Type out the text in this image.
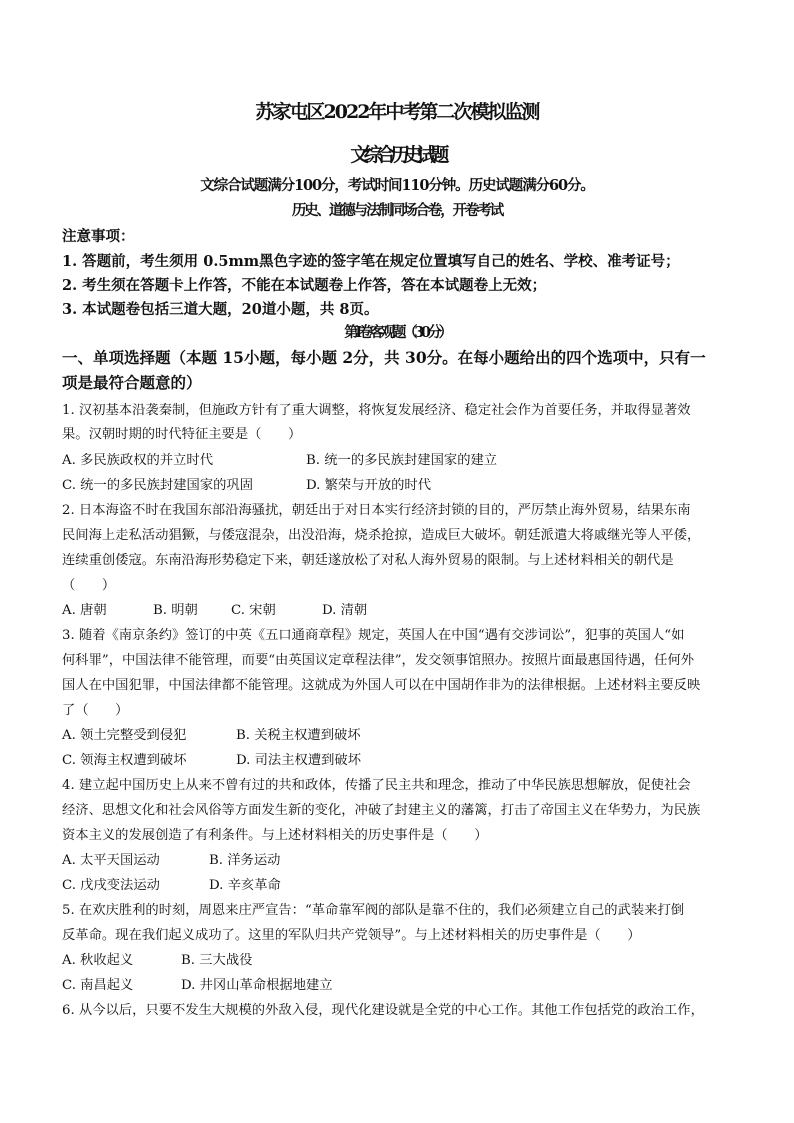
苏家屯区2022年中考第二次模拟监测
文综合历史试题
文综合试题满分100分，考试时间110分钟。历史试题满分60分。
历史、道德与法制同场合卷，开卷考试
注意事项：
1. 答题前，考生须用 0.5mm黑色字迹的签字笔在规定位置填写自己的姓名、学校、准考证号；
2. 考生须在答题卡上作答，不能在本试题卷上作答，答在本试题卷上无效；
3. 本试题卷包括三道大题，20道小题，共 8页。
第Ⅰ卷客观题（30分）
一、单项选择题（本题 15小题，每小题 2分，共 30分。在每小题给出的四个选项中，只有一
项是最符合题意的）
1. 汉初基本沿袭秦制，但施政方针有了重大调整，将恢复发展经济、稳定社会作为首要任务，并取得显著效
果。汉朝时期的时代特征主要是（　　）
A. 多民族政权的并立时代	B. 统一的多民族封建国家的建立
C. 统一的多民族封建国家的巩固	D. 繁荣与开放的时代
2. 日本海盗不时在我国东部沿海骚扰，朝廷出于对日本实行经济封锁的目的，严厉禁止海外贸易，结果东南
民间海上走私活动猖獗，与倭寇混杂，出没沿海，烧杀抢掠，造成巨大破坏。朝廷派遣大将戚继光等人平倭，
连续重创倭寇。东南沿海形势稳定下来，朝廷遂放松了对私人海外贸易的限制。与上述材料相关的朝代是
（　　）
A. 唐朝	B. 明朝 C. 宋朝	D. 清朝
3. 随着《南京条约》签订的中英《五口通商章程》规定，英国人在中国“遇有交涉词讼”，犯事的英国人“如
何科罪”，中国法律不能管理，而要“由英国议定章程法律”，发交领事馆照办。按照片面最惠国待遇，任何外
国人在中国犯罪，中国法律都不能管理。这就成为外国人可以在中国胡作非为的法律根据。上述材料主要反映
了（　　）
A. 领土完整受到侵犯	B. 关税主权遭到破坏
C. 领海主权遭到破坏	D. 司法主权遭到破坏
4. 建立起中国历史上从来不曾有过的共和政体，传播了民主共和理念，推动了中华民族思想解放，促使社会
经济、思想文化和社会风俗等方面发生新的变化，冲破了封建主义的藩篱，打击了帝国主义在华势力，为民族
资本主义的发展创造了有利条件。与上述材料相关的历史事件是（　　）
A. 太平天国运动	B. 洋务运动
C. 戊戌变法运动	D. 辛亥革命
5. 在欢庆胜利的时刻，周恩来庄严宣告：“革命靠军阀的部队是靠不住的，我们必须建立自己的武装来打倒
反革命。现在我们起义成功了。这里的军队归共产党领导”。与上述材料相关的历史事件是（　　）
A. 秋收起义	B. 三大战役
C. 南昌起义	D. 井冈山革命根据地建立
6. 从今以后，只要不发生大规模的外敌入侵，现代化建设就是全党的中心工作。其他工作包括党的政治工作，
